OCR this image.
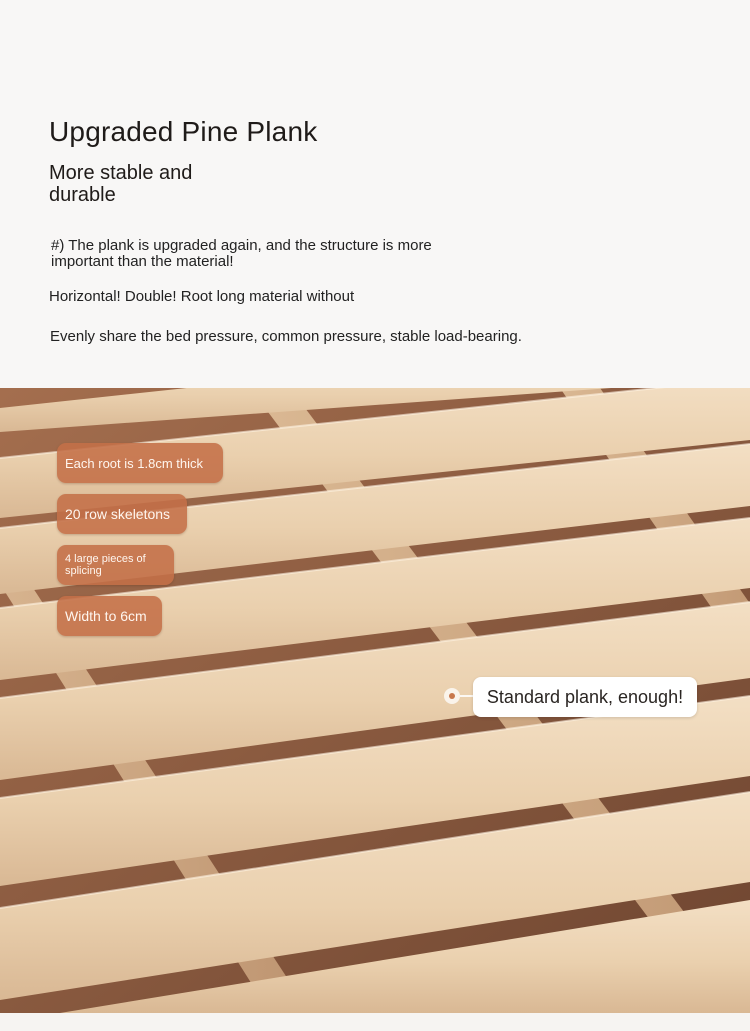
Upgraded Pine Plank

More stable and durable

#) The plank is upgraded again, and the structure is more important than the material!

Horizontal! Double! Root long material without

Evenly share the bed pressure, common pressure, stable load-bearing.

Each root is 1.8cm thick
20 row skeletons
4 large pieces of splicing
Width to 6cm
Standard plank, enough!
